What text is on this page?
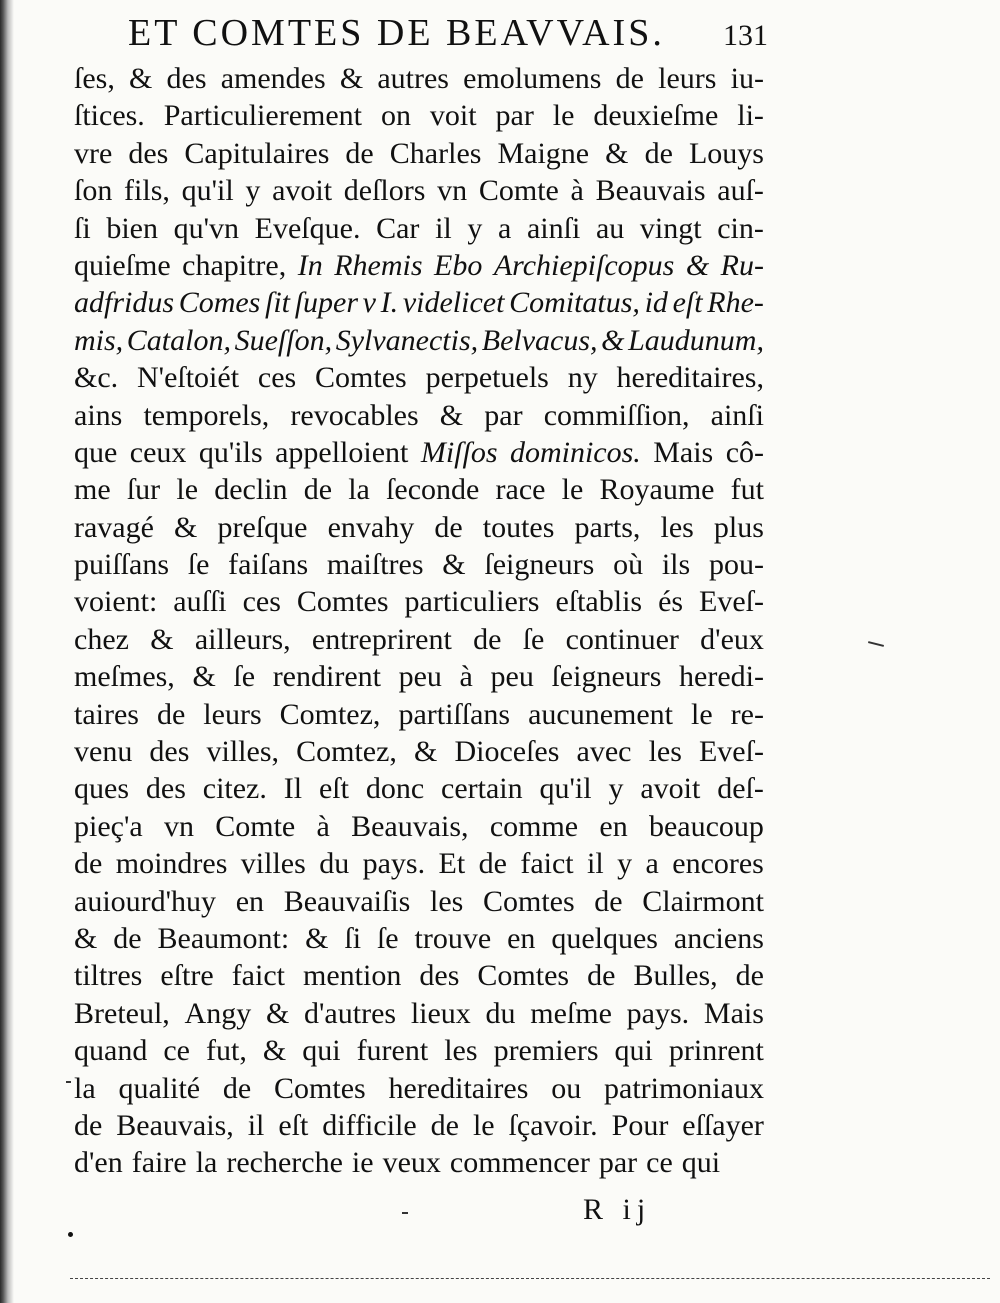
ET COMTES DE BEAVVAIS. 131
ſes, & des amendes & autres emolumens de leurs iu-
ſtices. Particulierement on voit par le deuxieſme li-
vre des Capitulaires de Charles Maigne & de Louys
ſon fils, qu'il y avoit deſlors vn Comte à Beauvais auſ-
ſi bien qu'vn Eveſque. Car il y a ainſi au vingt cin-
quieſme chapitre, In Rhemis Ebo Archiepiſcopus & Ru-
adfridus Comes ſit ſuper v I. videlicet Comitatus, id eſt Rhe-
mis, Catalon, Sueſſon, Sylvanectis, Belvacus, & Laudunum,
&c. N'eſtoiét ces Comtes perpetuels ny hereditaires,
ains temporels, revocables & par commiſſion, ainſi
que ceux qu'ils appelloient Miſſos dominicos. Mais cô-
me ſur le declin de la ſeconde race le Royaume fut
ravagé & preſque envahy de toutes parts, les plus
puiſſans ſe faiſans maiſtres & ſeigneurs où ils pou-
voient: auſſi ces Comtes particuliers eſtablis és Eveſ-
chez & ailleurs, entreprirent de ſe continuer d'eux
meſmes, & ſe rendirent peu à peu ſeigneurs heredi-
taires de leurs Comtez, partiſſans aucunement le re-
venu des villes, Comtez, & Dioceſes avec les Eveſ-
ques des citez. Il eſt donc certain qu'il y avoit deſ-
pieç'a vn Comte à Beauvais, comme en beaucoup
de moindres villes du pays. Et de faict il y a encores
auiourd'huy en Beauvaiſis les Comtes de Clairmont
& de Beaumont: & ſi ſe trouve en quelques anciens
tiltres eſtre faict mention des Comtes de Bulles, de
Breteul, Angy & d'autres lieux du meſme pays. Mais
quand ce fut, & qui furent les premiers qui prinrent
la qualité de Comtes hereditaires ou patrimoniaux
de Beauvais, il eſt difficile de le ſçavoir. Pour eſſayer
d'en faire la recherche ie veux commencer par ce qui
R ij
